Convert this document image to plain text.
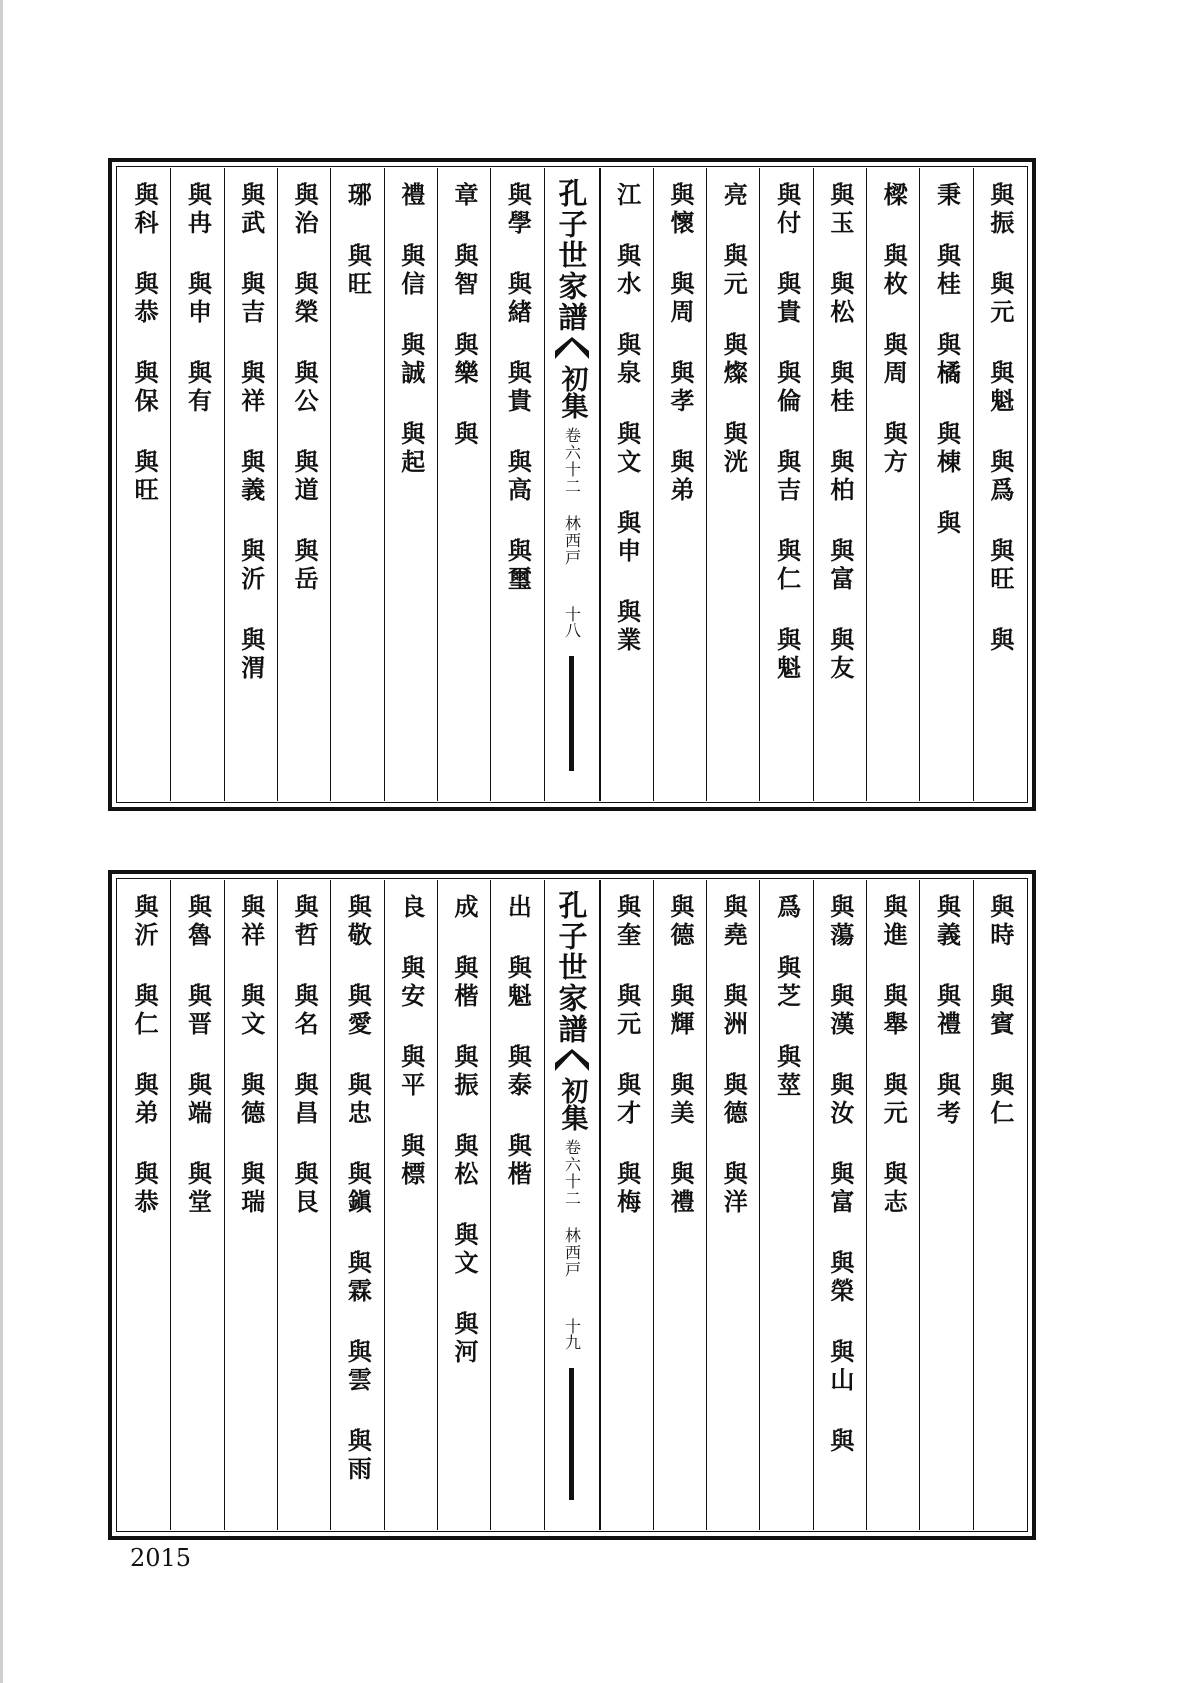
與振 與元 與魁 與爲 與旺 與
秉 與桂 與橘 與棟 與
樑 與枚 與周 與方
與玉 與松 與桂 與柏 與富 與友
與付 與貴 與倫 與吉 與仁 與魁
亮 與元 與燦 與洸
與懷 與周 與孝 與弟
江 與水 與泉 與文 與申 與業
孔子世家譜
初集
卷六十二 林西戸
十八
與學 與緖 與貴 與高 與璽
章 與智 與樂 與
禮 與信 與誠 與起
琊 與旺
與治 與榮 與公 與道 與岳
與武 與吉 與祥 與義 與沂 與渭
與冉 與申 與有
與科 與恭 與保 與旺
與時 與賓 與仁
與義 與禮 與考
與進 與舉 與元 與志
與蕩 與漢 與汝 與富 與榮 與山 與
爲 與芝 與莖
與堯 與洲 與德 與洋
與德 與輝 與美 與禮
與奎 與元 與才 與梅
孔子世家譜
初集
卷六十二 林西戸
十九
出 與魁 與泰 與楷
成 與楷 與振 與松 與文 與河
良 與安 與平 與標
與敬 與愛 與忠 與鎭 與霖 與雲 與雨
與哲 與名 與昌 與艮
與祥 與文 與德 與瑞
與魯 與晋 與端 與堂
與沂 與仁 與弟 與恭
2015
